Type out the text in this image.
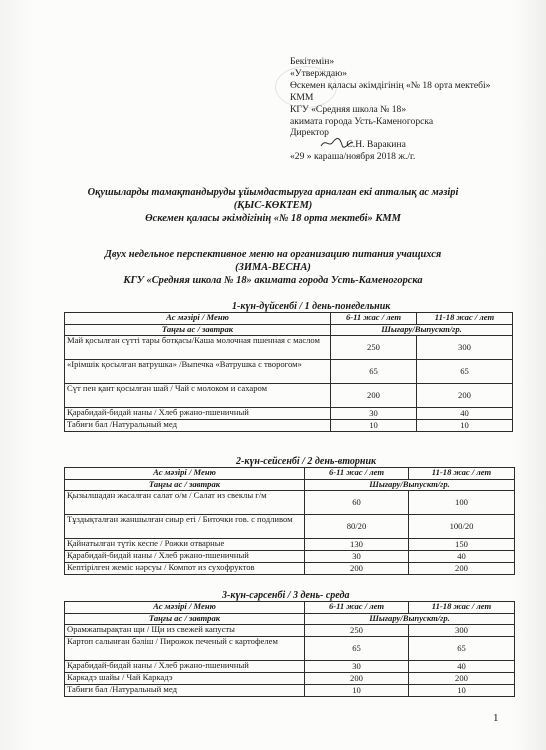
Бекітемін»
«Утверждаю»
Өскемен қаласы әкімдігінің «№ 18 орта мектебі»
КММ
КГУ «Средняя школа № 18»
акимата города Усть-Каменогорска
Директор
С.Н. Варакина
«29 » караша/ноября 2018 ж./г.
Оқушыларды тамақтандыруды ұйымдастыруға арналған екі апталық ас мәзірі
(ҚЫС-КӨКТЕМ)
Өскемен қаласы әкімдігінің «№ 18 орта мектебі» КММ
Двух недельное перспективное меню на организацию питания учащихся
(ЗИМА-ВЕСНА)
КГУ «Средняя школа № 18» акимата города Усть-Каменогорска
1-күн-дүйсенбі / 1 день-понедельник
Ас мәзірі / Меню	6-11 жас / лет	11-18 жас / лет
Таңғы ас / завтрак	Шығару/Выпускт/гр.	
Май қосылған сүтті тары ботқасы/Каша молочная пшенная с маслом	250	300
«Ірімшік қосылған ватрушка» /Выпечка «Ватрушка с творогом»	65	65
Сүт пен қант қосылған шай / Чай с молоком и сахаром	200	200
Қарабидай-бидай наны / Хлеб ржано-пшеничный	30	40
Табиғи бал /Натуральный мед	10	10
2-күн-сейсенбі / 2 день-вторник
Ас мәзірі / Меню	6-11 жас / лет	11-18 жас / лет
Таңғы ас / завтрак	Шығару/Выпускт/гр.	
Қызылшадан жасалған салат о/м / Салат из свеклы г/м	60	100
Тұздықталған жаншылған сиыр еті / Биточки гов. с подливом	80/20	100/20
Қайнатылған түтік кеспе / Рожки отварные	130	150
Қарабидай-бидай наны / Хлеб ржано-пшеничный	30	40
Кептірілген жеміс нәрсуы / Компот из сухофруктов	200	200
3-күн-сәрсенбі / 3 день- среда
Ас мәзірі / Меню	6-11 жас / лет	11-18 жас / лет
Таңғы ас / завтрак	Шығару/Выпускт/гр.	
Орамжапырақтан щи / Щи из свежей капусты	250	300
Картоп салынған бәліш / Пирожок печеный с картофелем	65	65
Қарабидай-бидай наны / Хлеб ржано-пшеничный	30	40
Каркадэ шайы / Чай Каркадэ	200	200
Табиғи бал /Натуральный мед	10	10
1
